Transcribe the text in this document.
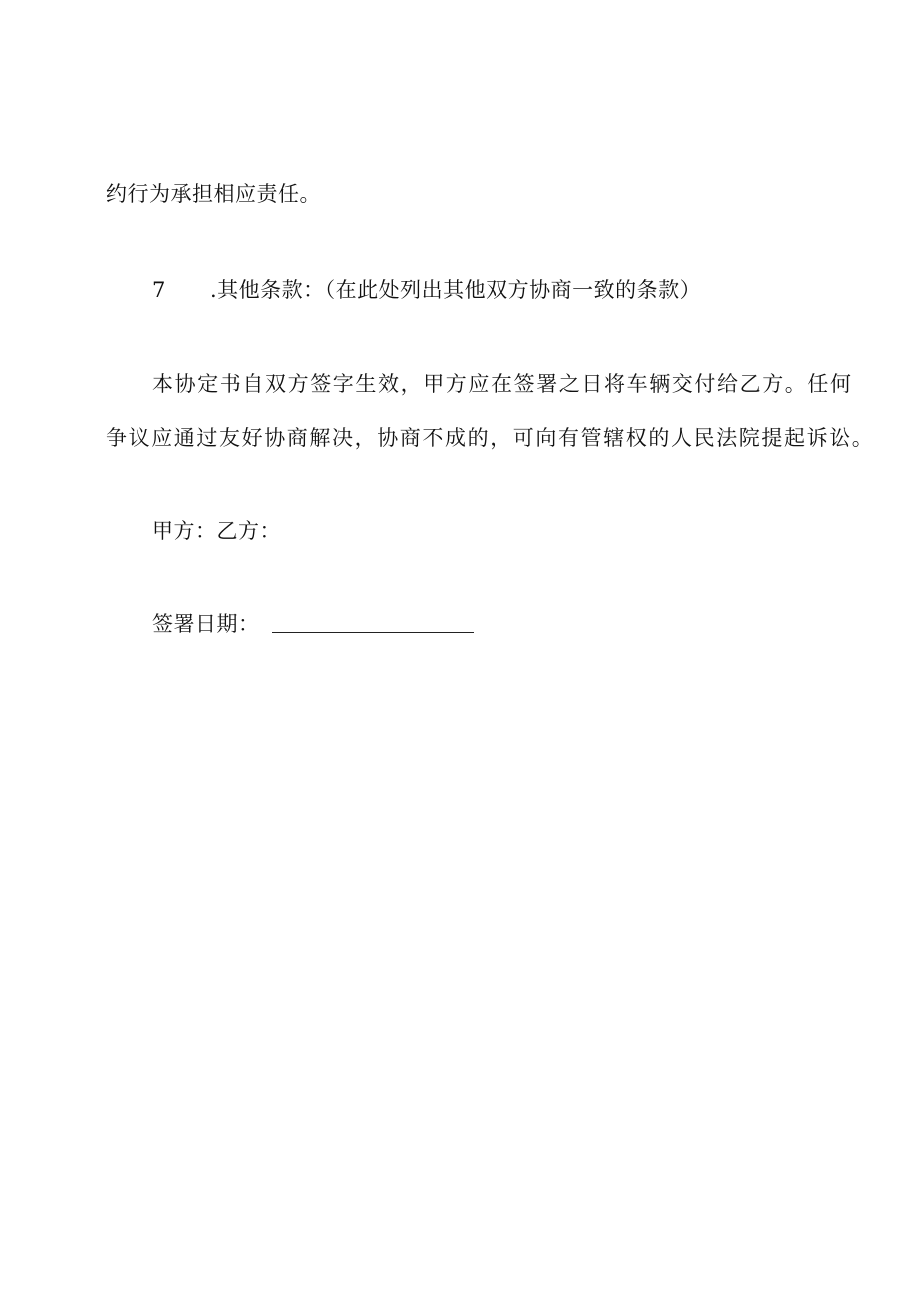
约行为承担相应责任。
7 .其他条款：（在此处列出其他双方协商一致的条款）
本协定书自双方签字生效，甲方应在签署之日将车辆交付给乙方。任何
争议应通过友好协商解决，协商不成的，可向有管辖权的人民法院提起诉讼。
甲方：乙方：
签署日期：
